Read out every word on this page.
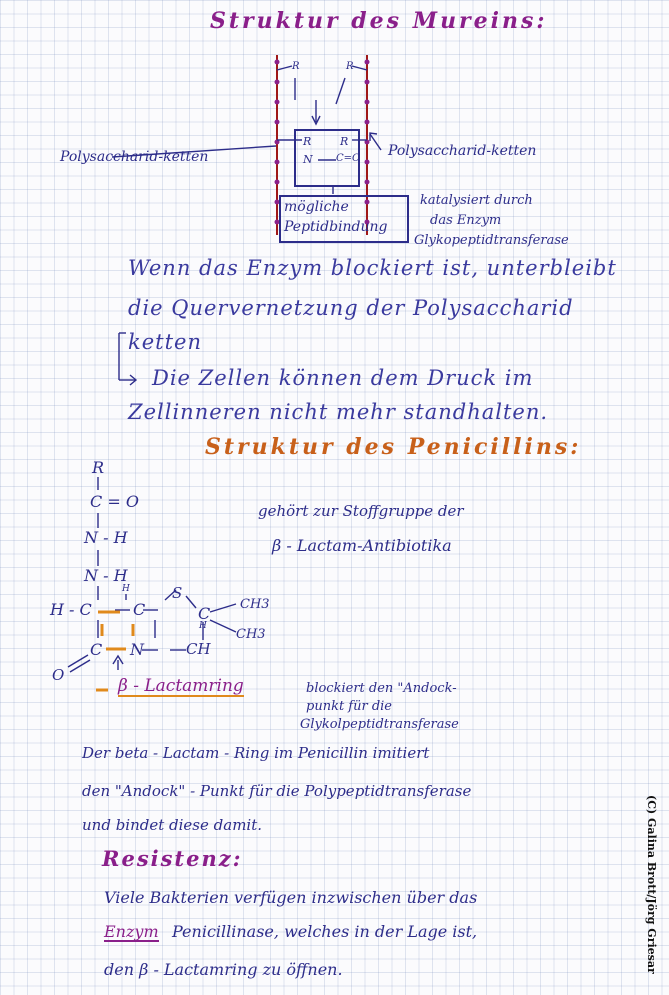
Struktur des Mureins:
R	R
R	R
N C=O
Polysaccharid-ketten	Polysaccharid-ketten
mögliche
Peptidbindung
katalysiert durch
das Enzym
Glykopeptidtransferase
Wenn das Enzym blockiert ist, unterbleibt
die Quervernetzung der Polysaccharid
ketten
Die Zellen können dem Druck im
Zellinneren nicht mehr standhalten.
Struktur des Penicillins:
R
C = O
N - H
N - H
H
H - C	C
S
C CH3
CH3
H
C N	CH
O
gehört zur Stoffgruppe der
β - Lactam-Antibiotika
β - Lactamring	blockiert den "Andock-
punkt für die
Glykolpeptidtransferase
Der beta - Lactam - Ring im Penicillin imitiert
den "Andock" - Punkt für die Polypeptidtransferase
und bindet diese damit.
Resistenz:
Viele Bakterien verfügen inzwischen über das
Enzym Penicillinase, welches in der Lage ist,
den β - Lactamring zu öffnen.	(C) Galina Brott/Jörg Griesar
